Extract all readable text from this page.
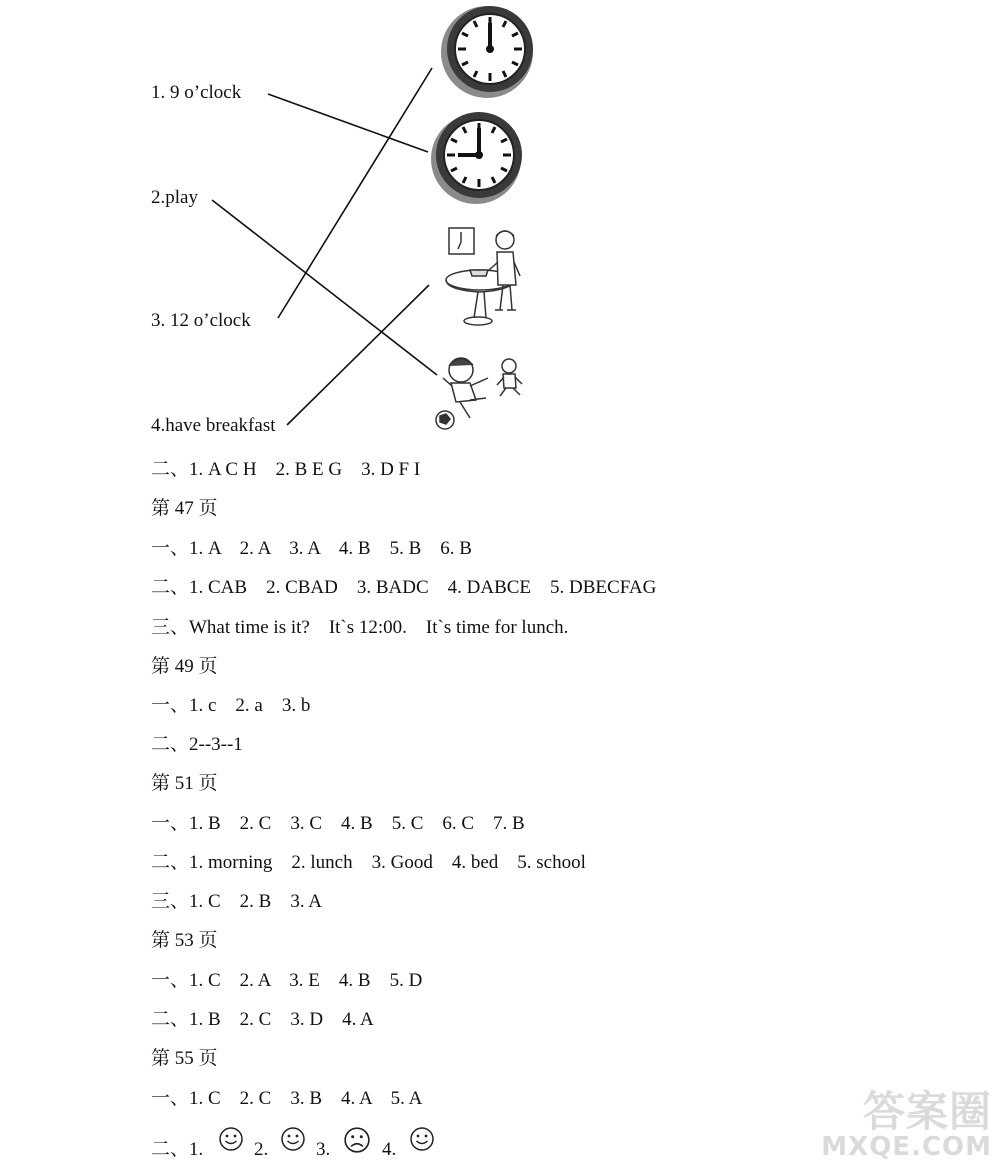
1. 9 o’clock
2.play
3. 12 o’clock
4.have breakfast
二、1. A C H    2. B E G    3. D F I
第 47 页
一、1. A    2. A    3. A    4. B    5. B    6. B
二、1. CAB    2. CBAD    3. BADC    4. DABCE    5. DBECFAG
三、What time is it?    It`s 12:00.    It`s time for lunch.
第 49 页
一、1. c    2. a    3. b
二、2--3--1
第 51 页
一、1. B    2. C    3. C    4. B    5. C    6. C    7. B
二、1. morning    2. lunch    3. Good    4. bed    5. school
三、1. C    2. B    3. A
第 53 页
一、1. C    2. A    3. E    4. B    5. D
二、1. B    2. C    3. D    4. A
第 55 页
一、1. C    2. C    3. B    4. A    5. A
二、1.	2.	3.	4.
答案圈
MXQE.COM
